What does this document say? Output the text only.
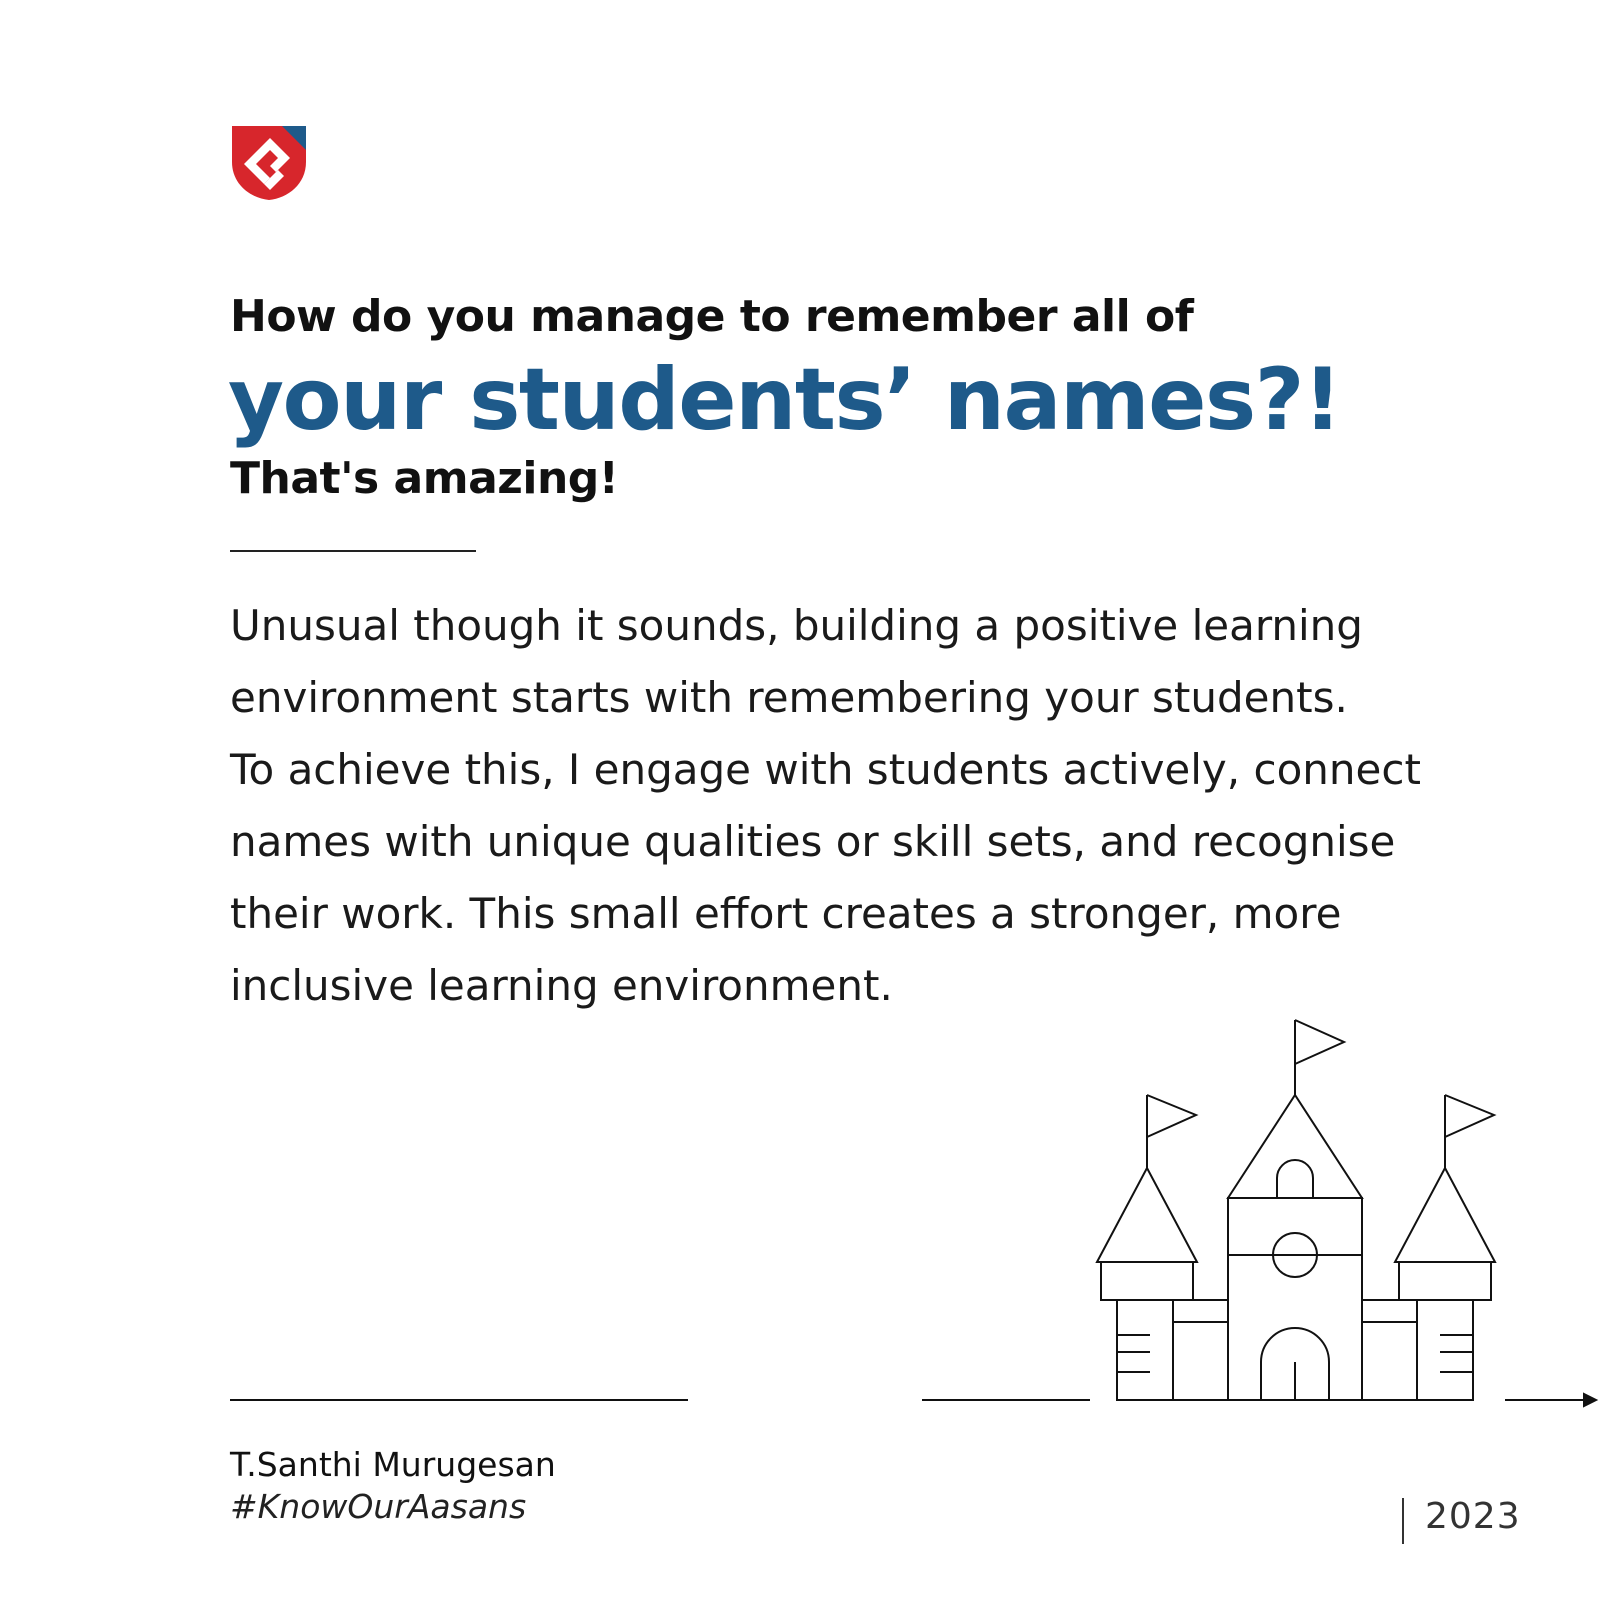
How do you manage to remember all of
your students’ names?!
That's amazing!

Unusual though it sounds, building a positive learning
environment starts with remembering your students.
To achieve this, I engage with students actively, connect
names with unique qualities or skill sets, and recognise
their work. This small effort creates a stronger, more
inclusive learning environment.

T.Santhi Murugesan

#KnowOurAasans	2023
